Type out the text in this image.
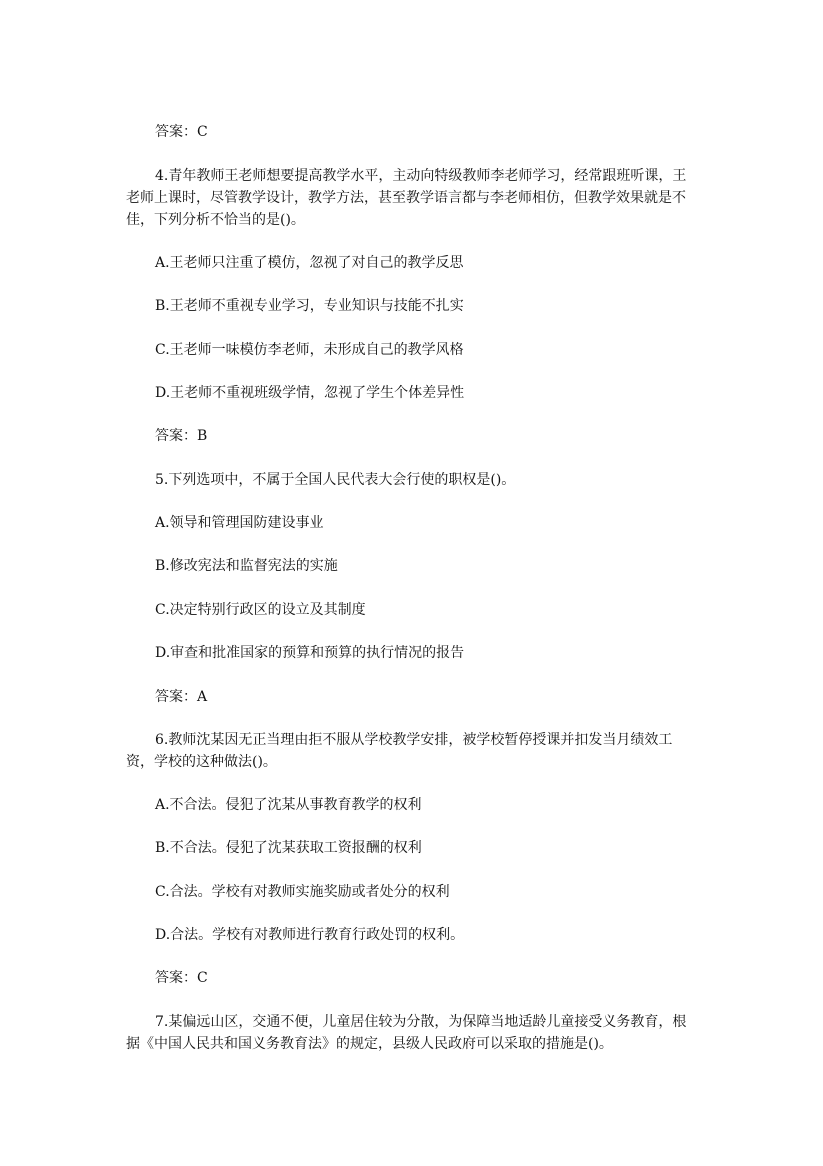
答案：C

4.青年教师王老师想要提高教学水平，主动向特级教师李老师学习，经常跟班听课，王老师上课时，尽管教学设计，教学方法，甚至教学语言都与李老师相仿，但教学效果就是不佳，下列分析不恰当的是()。

A.王老师只注重了模仿，忽视了对自己的教学反思

B.王老师不重视专业学习，专业知识与技能不扎实

C.王老师一味模仿李老师，未形成自己的教学风格

D.王老师不重视班级学情，忽视了学生个体差异性

答案：B

5.下列选项中，不属于全国人民代表大会行使的职权是()。

A.领导和管理国防建设事业

B.修改宪法和监督宪法的实施

C.决定特别行政区的设立及其制度

D.审查和批准国家的预算和预算的执行情况的报告

答案：A

6.教师沈某因无正当理由拒不服从学校教学安排，被学校暂停授课并扣发当月绩效工资，学校的这种做法()。

A.不合法。侵犯了沈某从事教育教学的权利

B.不合法。侵犯了沈某获取工资报酬的权利

C.合法。学校有对教师实施奖励或者处分的权利

D.合法。学校有对教师进行教育行政处罚的权利。

答案：C

7.某偏远山区，交通不便，儿童居住较为分散，为保障当地适龄儿童接受义务教育，根据《中国人民共和国义务教育法》的规定，县级人民政府可以采取的措施是()。
